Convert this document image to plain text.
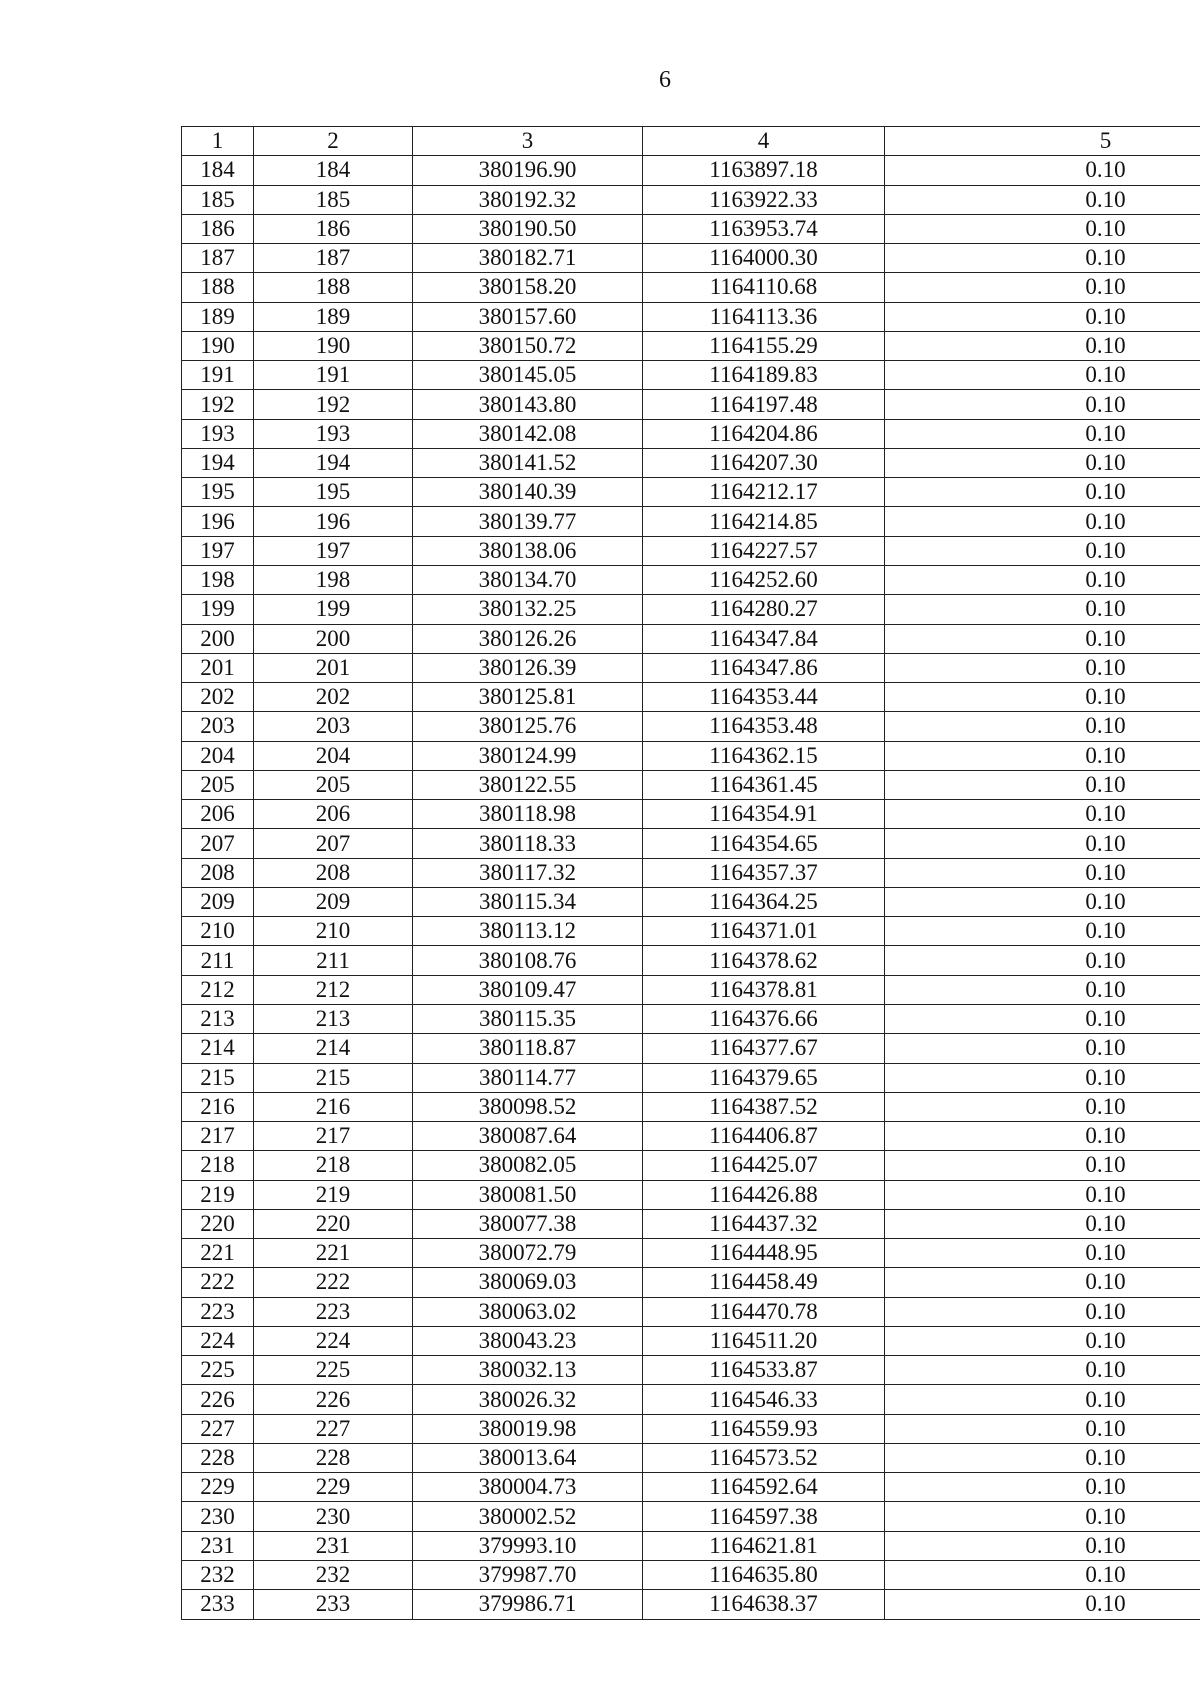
6
1	2	3	4	5
184	184	380196.90	1163897.18	0.10
185	185	380192.32	1163922.33	0.10
186	186	380190.50	1163953.74	0.10
187	187	380182.71	1164000.30	0.10
188	188	380158.20	1164110.68	0.10
189	189	380157.60	1164113.36	0.10
190	190	380150.72	1164155.29	0.10
191	191	380145.05	1164189.83	0.10
192	192	380143.80	1164197.48	0.10
193	193	380142.08	1164204.86	0.10
194	194	380141.52	1164207.30	0.10
195	195	380140.39	1164212.17	0.10
196	196	380139.77	1164214.85	0.10
197	197	380138.06	1164227.57	0.10
198	198	380134.70	1164252.60	0.10
199	199	380132.25	1164280.27	0.10
200	200	380126.26	1164347.84	0.10
201	201	380126.39	1164347.86	0.10
202	202	380125.81	1164353.44	0.10
203	203	380125.76	1164353.48	0.10
204	204	380124.99	1164362.15	0.10
205	205	380122.55	1164361.45	0.10
206	206	380118.98	1164354.91	0.10
207	207	380118.33	1164354.65	0.10
208	208	380117.32	1164357.37	0.10
209	209	380115.34	1164364.25	0.10
210	210	380113.12	1164371.01	0.10
211	211	380108.76	1164378.62	0.10
212	212	380109.47	1164378.81	0.10
213	213	380115.35	1164376.66	0.10
214	214	380118.87	1164377.67	0.10
215	215	380114.77	1164379.65	0.10
216	216	380098.52	1164387.52	0.10
217	217	380087.64	1164406.87	0.10
218	218	380082.05	1164425.07	0.10
219	219	380081.50	1164426.88	0.10
220	220	380077.38	1164437.32	0.10
221	221	380072.79	1164448.95	0.10
222	222	380069.03	1164458.49	0.10
223	223	380063.02	1164470.78	0.10
224	224	380043.23	1164511.20	0.10
225	225	380032.13	1164533.87	0.10
226	226	380026.32	1164546.33	0.10
227	227	380019.98	1164559.93	0.10
228	228	380013.64	1164573.52	0.10
229	229	380004.73	1164592.64	0.10
230	230	380002.52	1164597.38	0.10
231	231	379993.10	1164621.81	0.10
232	232	379987.70	1164635.80	0.10
233	233	379986.71	1164638.37	0.10
